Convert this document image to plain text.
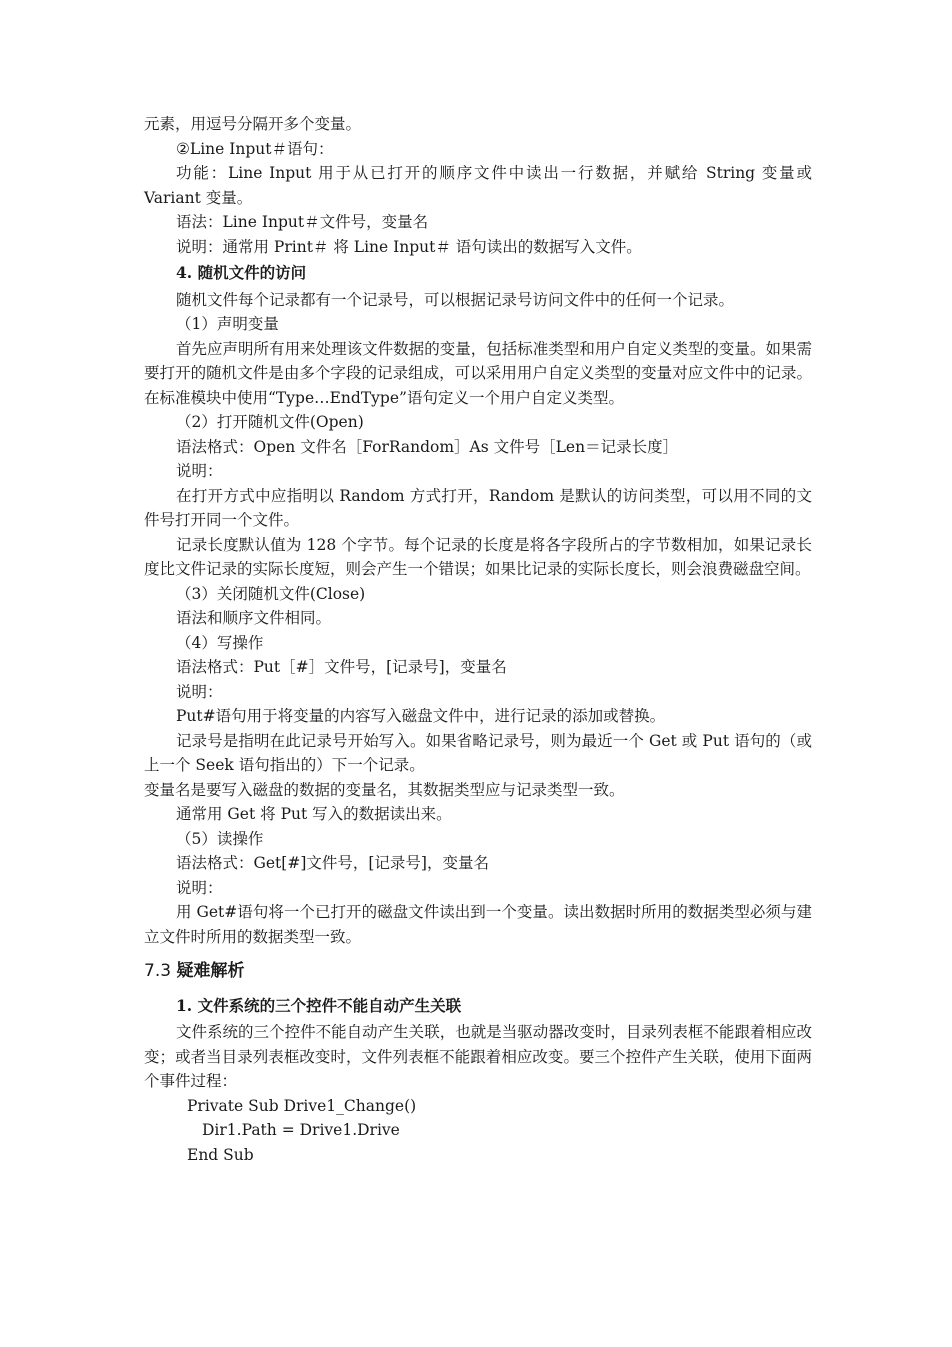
元素，用逗号分隔开多个变量。

②Line Input＃语句：

功能：Line Input 用于从已打开的顺序文件中读出一行数据，并赋给 String 变量或 Variant 变量。

语法：Line Input＃文件号，变量名

说明：通常用 Print＃ 将 Line Input＃ 语句读出的数据写入文件。

4. 随机文件的访问

随机文件每个记录都有一个记录号，可以根据记录号访问文件中的任何一个记录。

（1）声明变量

首先应声明所有用来处理该文件数据的变量，包括标准类型和用户自定义类型的变量。如果需要打开的随机文件是由多个字段的记录组成，可以采用用户自定义类型的变量对应文件中的记录。在标准模块中使用“Type…EndType”语句定义一个用户自定义类型。

（2）打开随机文件(Open)

语法格式：Open 文件名［ForRandom］As 文件号［Len＝记录长度］

说明：

在打开方式中应指明以 Random 方式打开，Random 是默认的访问类型，可以用不同的文件号打开同一个文件。

记录长度默认值为 128 个字节。每个记录的长度是将各字段所占的字节数相加，如果记录长度比文件记录的实际长度短，则会产生一个错误；如果比记录的实际长度长，则会浪费磁盘空间。

（3）关闭随机文件(Close)

语法和顺序文件相同。

（4）写操作

语法格式：Put［#］文件号，[记录号]，变量名

说明：

Put#语句用于将变量的内容写入磁盘文件中，进行记录的添加或替换。

记录号是指明在此记录号开始写入。如果省略记录号，则为最近一个 Get 或 Put 语句的（或上一个 Seek 语句指出的）下一个记录。

变量名是要写入磁盘的数据的变量名，其数据类型应与记录类型一致。

通常用 Get 将 Put 写入的数据读出来。

（5）读操作

语法格式：Get[#]文件号，[记录号]，变量名

说明：

用 Get#语句将一个已打开的磁盘文件读出到一个变量。读出数据时所用的数据类型必须与建立文件时所用的数据类型一致。

7.3 疑难解析

1. 文件系统的三个控件不能自动产生关联

文件系统的三个控件不能自动产生关联，也就是当驱动器改变时，目录列表框不能跟着相应改变；或者当目录列表框改变时，文件列表框不能跟着相应改变。要三个控件产生关联，使用下面两个事件过程：

Private Sub Drive1_Change()

Dir1.Path = Drive1.Drive

End Sub
